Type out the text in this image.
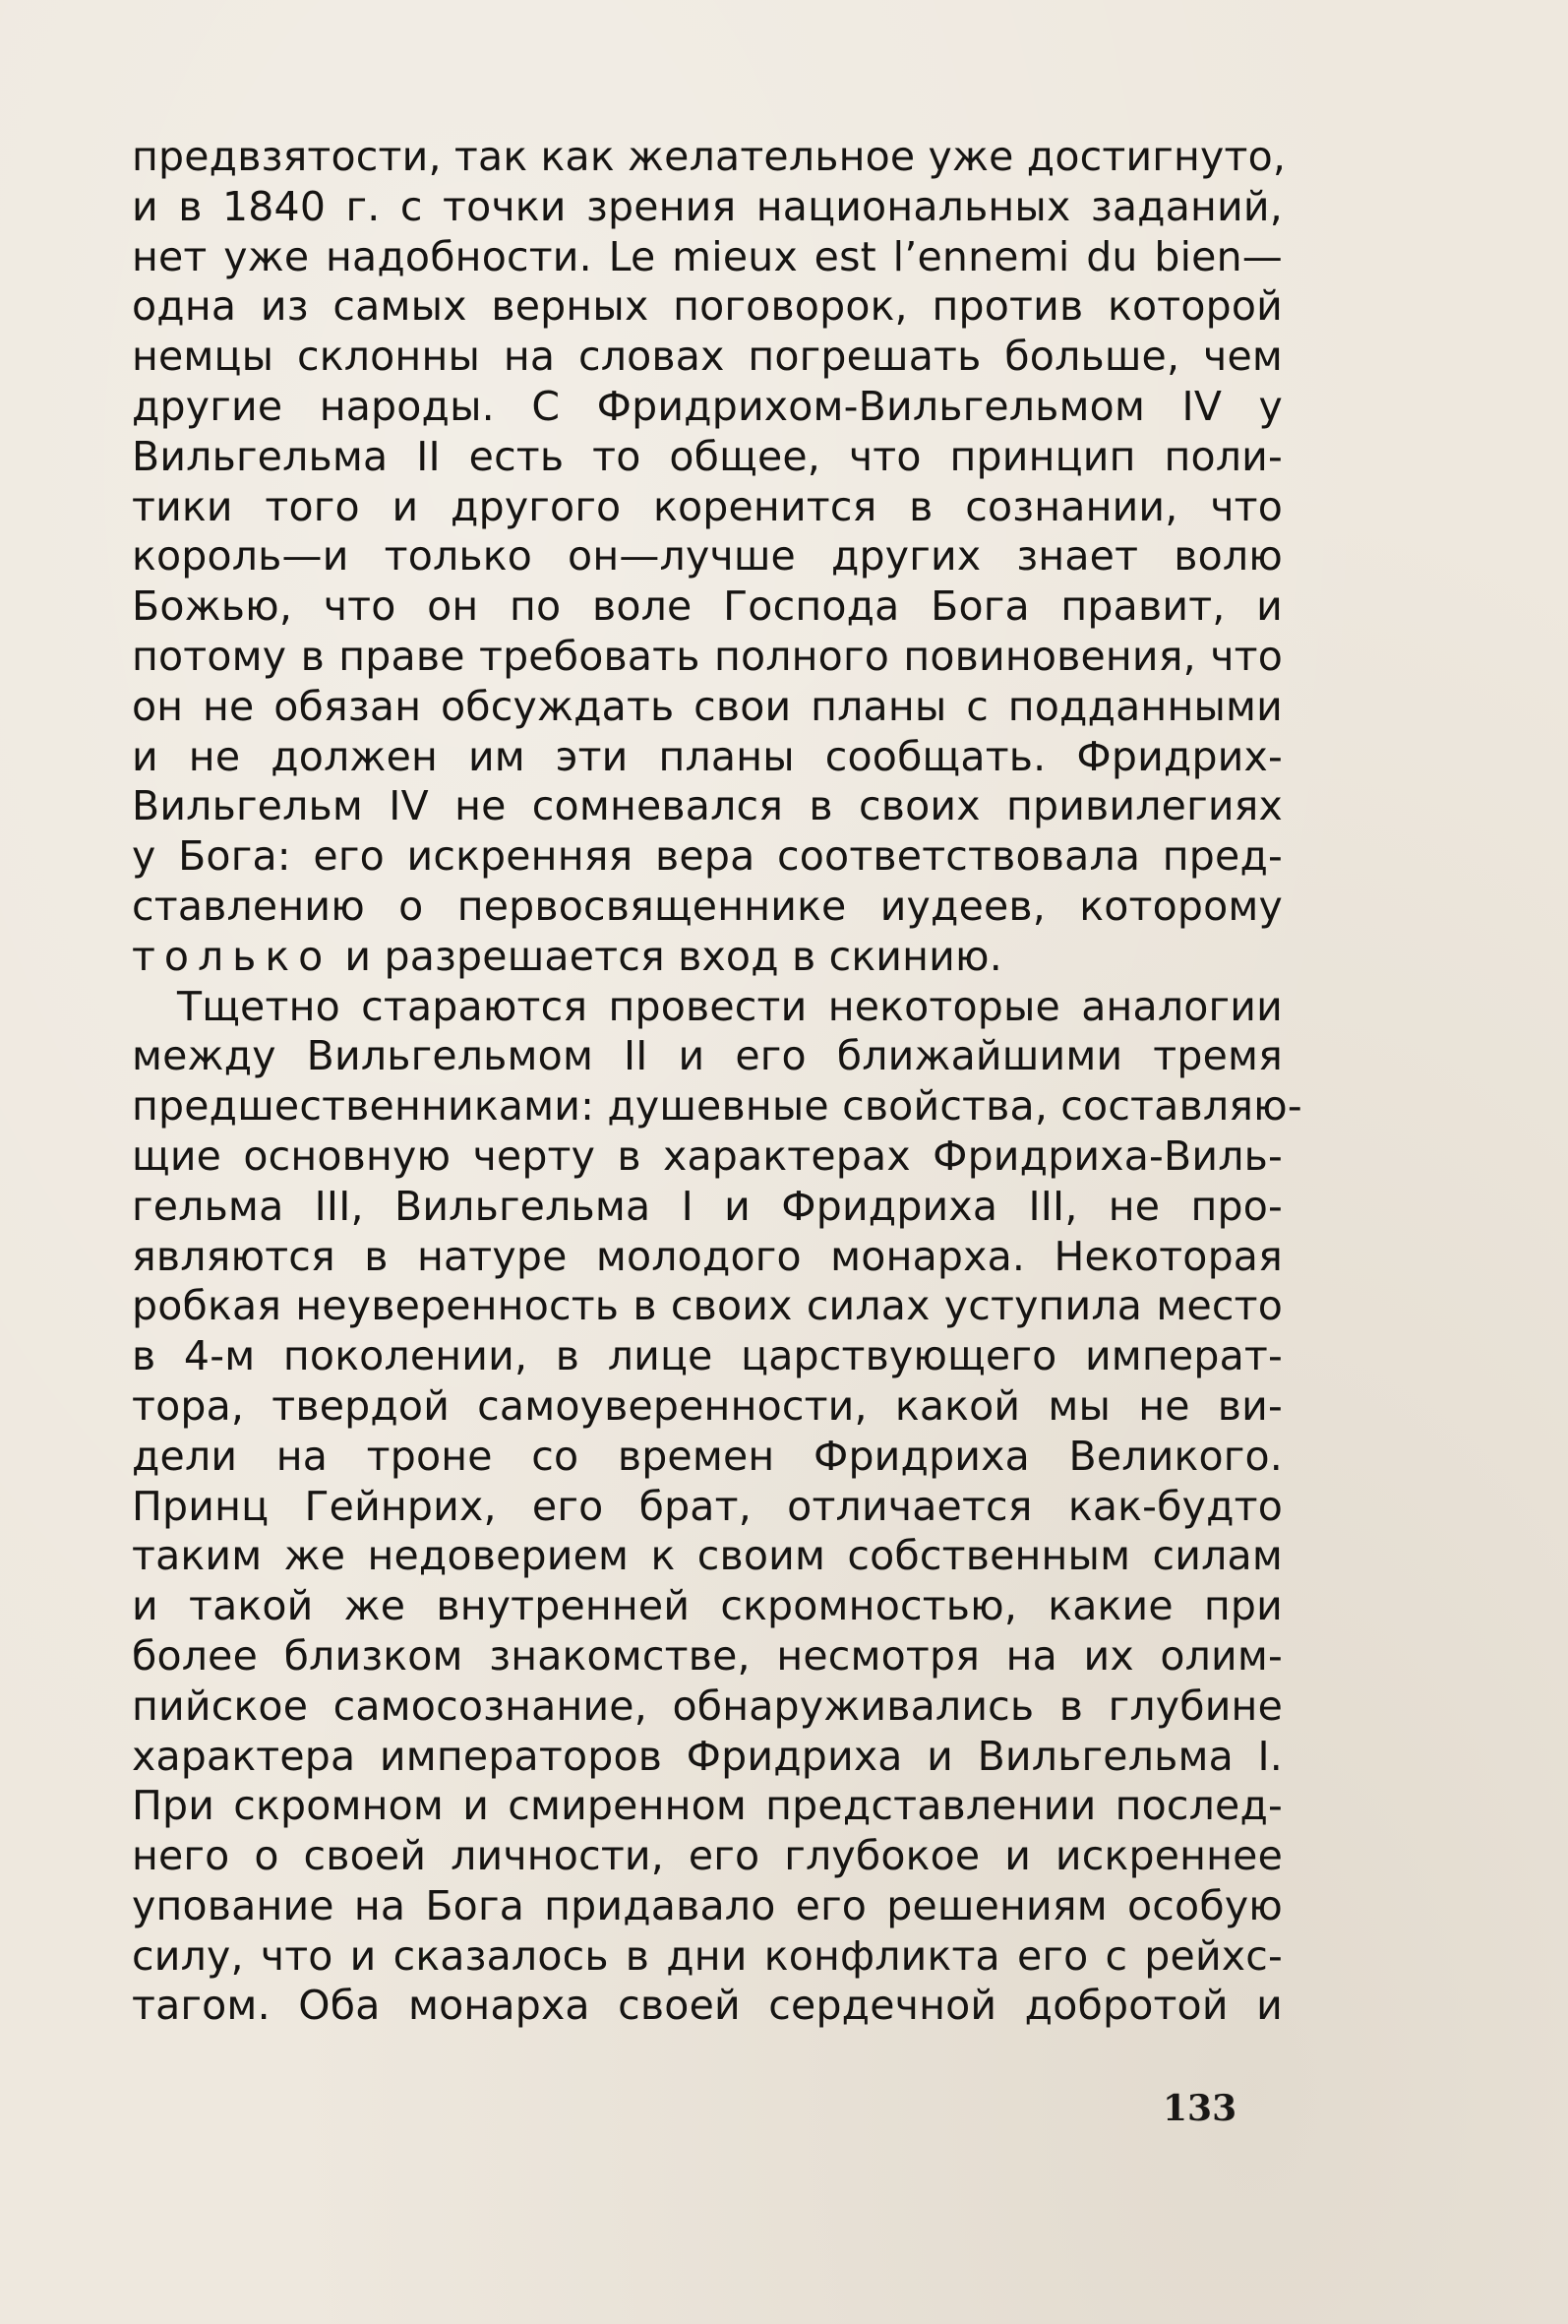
предвзятости, так как желательное уже достигнуто,
и в 1840 г. с точки зрения национальных заданий,
нет уже надобности. Le mieux est l’ennemi du bien—
одна из самых верных поговорок, против которой
немцы склонны на словах погрешать больше, чем
другие народы. С Фридрихом-Вильгельмом IV у
Вильгельма II есть то общее, что принцип поли-
тики того и другого коренится в сознании, что
король—и только он—лучше других знает волю
Божью, что он по воле Господа Бога правит, и
потому в праве требовать полного повиновения, что
он не обязан обсуждать свои планы с подданными
и не должен им эти планы сообщать. Фридрих-
Вильгельм IV не сомневался в своих привилегиях
у Бога: его искренняя вера соответствовала пред-
ставлению о первосвященнике иудеев, которому
только и разрешается вход в скинию.
Тщетно стараются провести некоторые аналогии
между Вильгельмом II и его ближайшими тремя
предшественниками: душевные свойства, составляю-
щие основную черту в характерах Фридриха-Виль-
гельма III, Вильгельма I и Фридриха III, не про-
являются в натуре молодого монарха. Некоторая
робкая неуверенность в своих силах уступила место
в 4-м поколении, в лице царствующего императ-
тора, твердой самоуверенности, какой мы не ви-
дели на троне со времен Фридриха Великого.
Принц Гейнрих, его брат, отличается как-будто
таким же недоверием к своим собственным силам
и такой же внутренней скромностью, какие при
более близком знакомстве, несмотря на их олим-
пийское самосознание, обнаруживались в глубине
характера императоров Фридриха и Вильгельма I.
При скромном и смиренном представлении послед-
него о своей личности, его глубокое и искреннее
упование на Бога придавало его решениям особую
силу, что и сказалось в дни конфликта его с рейхс-
тагом. Оба монарха своей сердечной добротой и
133
